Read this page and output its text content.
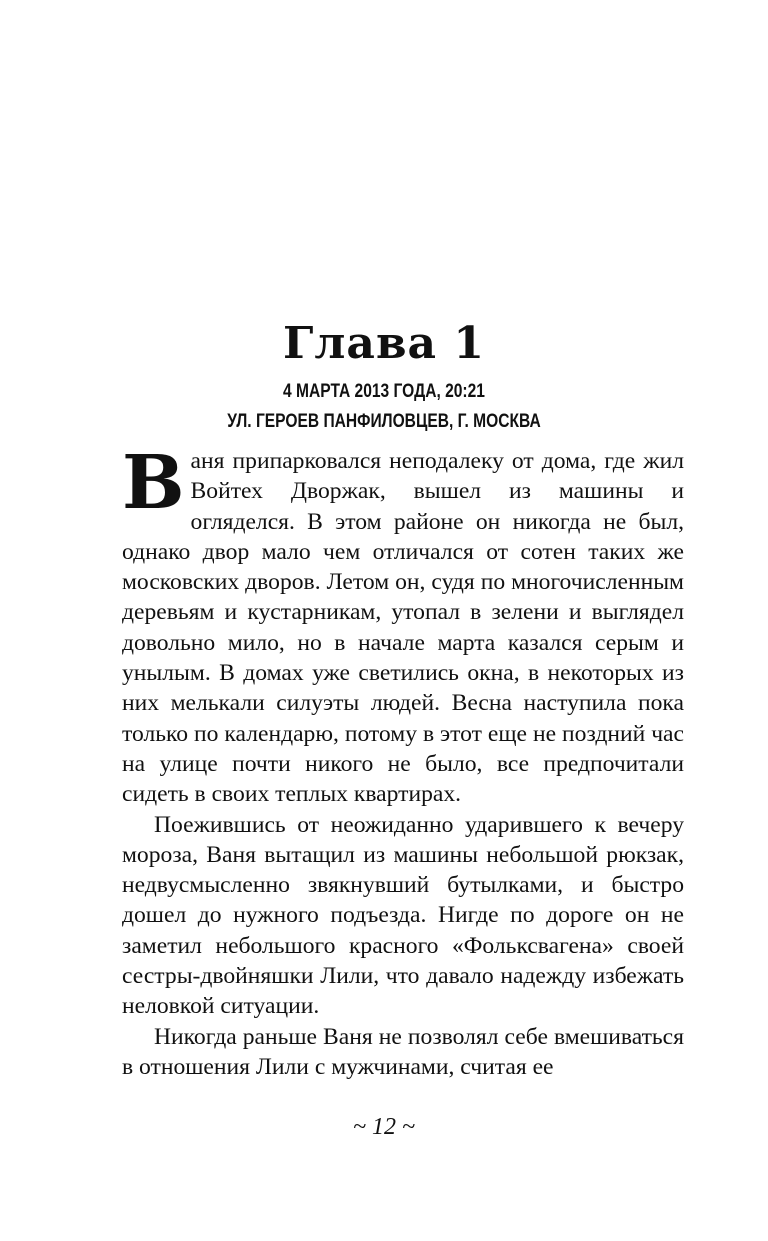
Глава 1
4 МАРТА 2013 ГОДА, 20:21
УЛ. ГЕРОЕВ ПАНФИЛОВЦЕВ, Г. МОСКВА

Ваня припарковался неподалеку от дома, где жил Войтех Дворжак, вышел из машины и огляделся. В этом районе он никогда не был, однако двор мало чем отличался от сотен таких же московских дворов. Летом он, судя по многочисленным деревьям и кустарникам, утопал в зелени и выглядел довольно мило, но в начале марта казался серым и унылым. В домах уже светились окна, в некоторых из них мелькали силуэты людей. Весна наступила пока только по календарю, потому в этот еще не поздний час на улице почти никого не было, все предпочитали сидеть в своих теплых квартирах.

Поежившись от неожиданно ударившего к вечеру мороза, Ваня вытащил из машины небольшой рюкзак, недвусмысленно звякнувший бутылками, и быстро дошел до нужного подъезда. Нигде по дороге он не заметил небольшого красного «Фольксвагена» своей сестры-двойняшки Лили, что давало надежду избежать неловкой ситуации.

Никогда раньше Ваня не позволял себе вмешиваться в отношения Лили с мужчинами, считая ее

~ 12 ~
